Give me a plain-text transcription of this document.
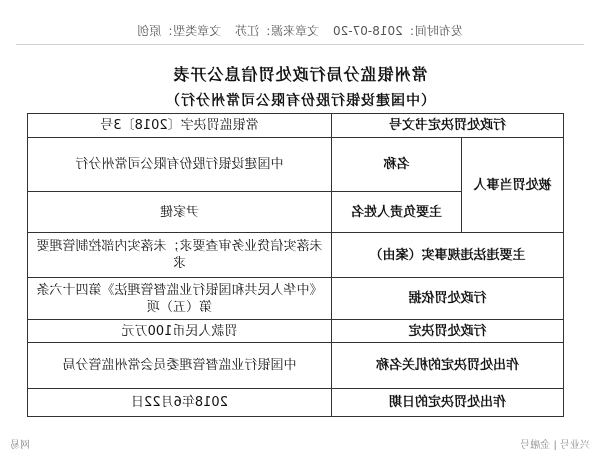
发布时间：2018-07-20 文章来源：江苏 文章类型：原创
常州银监分局行政处罚信息公开表
（中国建设银行股份有限公司常州分行）
行政处罚决定书文号		常银监罚决字〔2018〕3号
被处罚当事人	名称	中国建设银行股份有限公司常州分行
	主要负责人姓名	尹家健
主要违法违规事实（案由）		未落实信贷业务审查要求；未落实内部控制管理要求
行政处罚依据		《中华人民共和国银行业监督管理法》第四十六条第（五）项
行政处罚决定		罚款人民币100万元
作出处罚决定的机关名称		中国银行业监督管理委员会常州监管分局
作出处罚决定的日期		2018年6月22日
兴业号 | 金融号
网易
